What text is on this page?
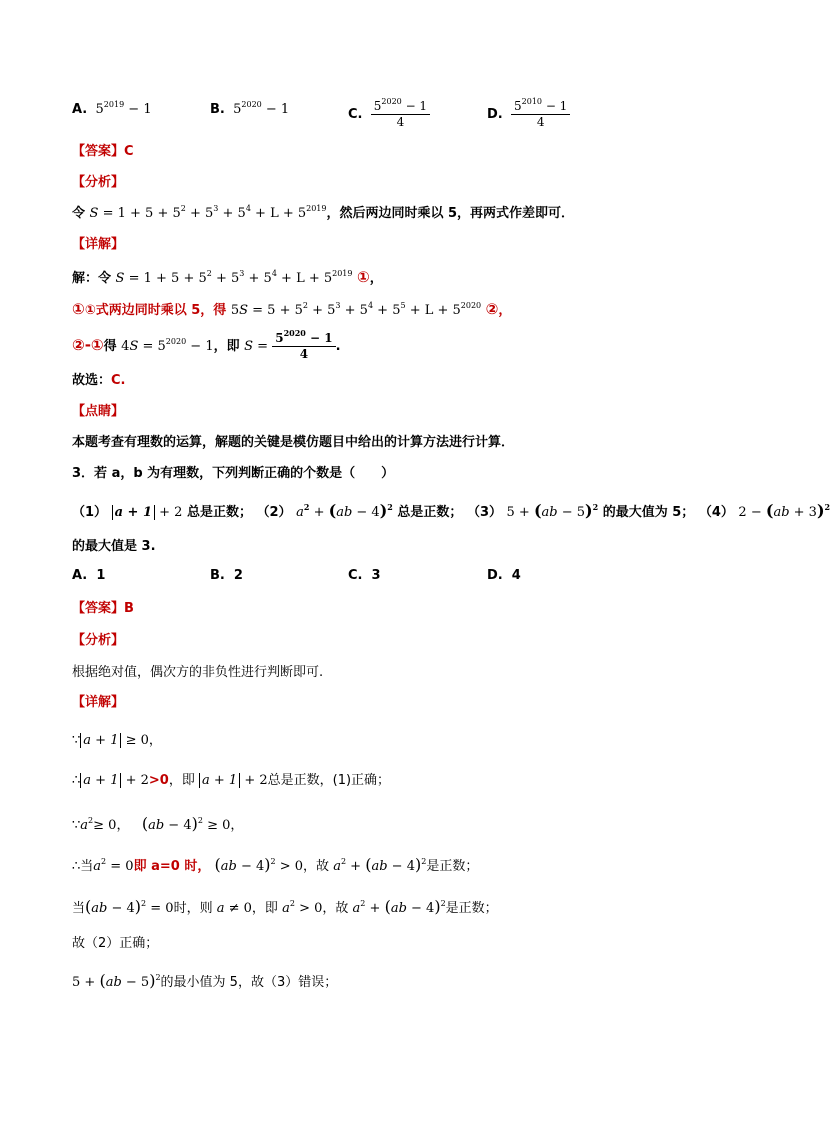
A. $5^{2019} - 1$	B. $5^{2020} - 1$	C. $\frac{5^{2020} - 1}{4}$	D. $\frac{5^{2010} - 1}{4}$
【答案】C
【分析】
令 $S = 1 + 5 + 5^2 + 5^3 + 5^4 + L + 5^{2019}$，然后两边同时乘以 5，再两式作差即可．
【详解】
解：令 $S = 1 + 5 + 5^2 + 5^3 + 5^4 + L + 5^{2019}$ ①，
①①式两边同时乘以 5，得 $5S = 5 + 5^2 + 5^3 + 5^4 + 5^5 + L + 5^{2020}$ ②，
②-①得 $4S = 5^{2020} - 1$，即 $S = \frac{5^{2020} - 1}{4}$ .
故选：C.
【点睛】
本题考查有理数的运算，解题的关键是模仿题目中给出的计算方法进行计算．
3．若 a，b 为有理数，下列判断正确的个数是（　　）
（1） a + 1 + 2 总是正数； （2） $a^2 + (ab - 4)^2$ 总是正数； （3） 5 + (ab − 5)$^2$ 的最大值为 5； （4） 2 − (ab + 3)$^2$
的最大值是 3.
A. 1	B. 2	C. 3	D. 4
【答案】B
【分析】
根据绝对值，偶次方的非负性进行判断即可.
【详解】
∵ a + 1 ≥ 0，
∴ a + 1 + 2>0，即 a + 1 + 2总是正数，(1)正确；
$\because a^2\ge 0$，   (ab − 4)$^2$ ≥ 0，
∴当$a^2 = 0$即 a=0 时， (ab − 4)$^2$ > 0，故 $a^2 + (ab - 4)^2$是正数；
当(ab − 4)$^2$ = 0时，则 a ≠ 0，即 $a^2 > 0$，故 $a^2 + (ab - 4)^2$是正数；
故（2）正确；
5 + (ab − 5)$^2$的最小值为 5，故（3）错误；
